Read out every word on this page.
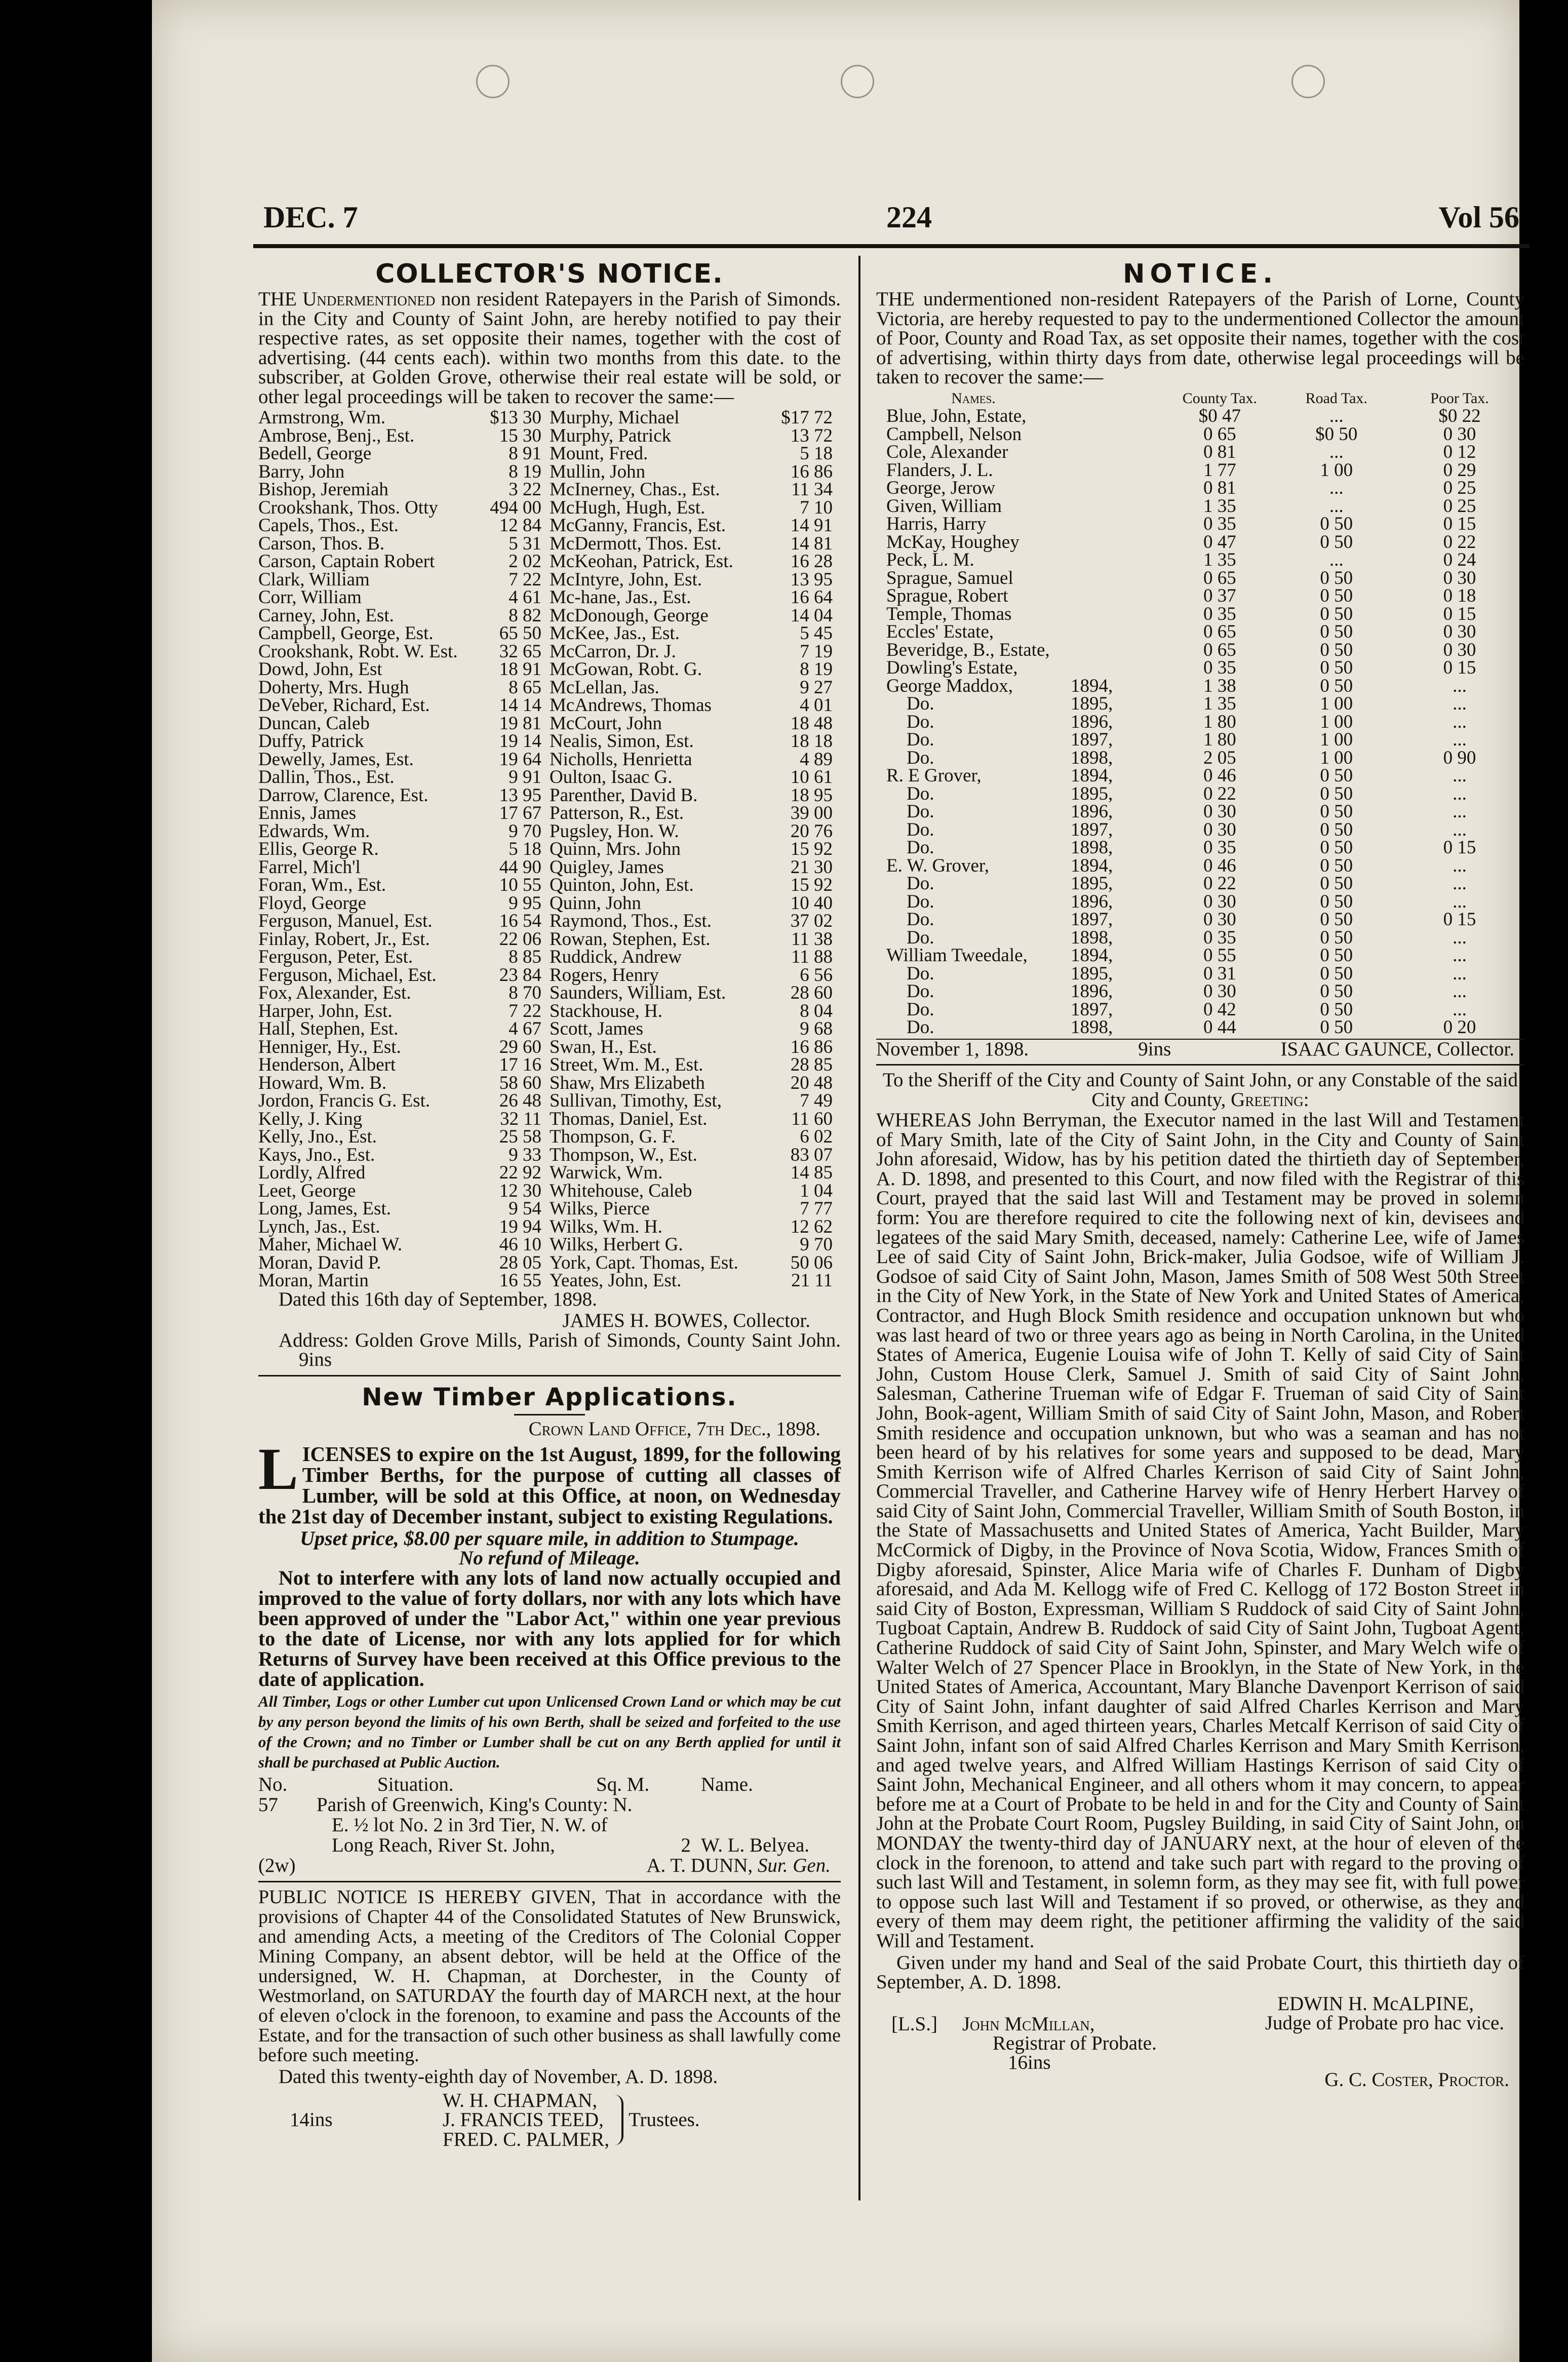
DEC. 7	224	Vol 56
COLLECTOR'S NOTICE.

THE Undermentioned non resident Ratepayers in the Parish of Simonds. in the City and County of Saint John, are hereby notified to pay their respective rates, as set opposite their names, together with the cost of advertising. (44 cents each). within two months from this date. to the subscriber, at Golden Grove, otherwise their real estate will be sold, or other legal proceedings will be taken to recover the same:—

Armstrong, Wm.	$13 30	Murphy, Michael	$17 72
Ambrose, Benj., Est.	15 30	Murphy, Patrick	13 72
Bedell, George	8 91	Mount, Fred.	5 18
Barry, John	8 19	Mullin, John	16 86
Bishop, Jeremiah	3 22	McInerney, Chas., Est.	11 34
Crookshank, Thos. Otty	494 00	McHugh, Hugh, Est.	7 10
Capels, Thos., Est.	12 84	McGanny, Francis, Est.	14 91
Carson, Thos. B.	5 31	McDermott, Thos. Est.	14 81
Carson, Captain Robert	2 02	McKeohan, Patrick, Est.	16 28
Clark, William	7 22	McIntyre, John, Est.	13 95
Corr, William	4 61	Mc-hane, Jas., Est.	16 64
Carney, John, Est.	8 82	McDonough, George	14 04
Campbell, George, Est.	65 50	McKee, Jas., Est.	5 45
Crookshank, Robt. W. Est.	32 65	McCarron, Dr. J.	7 19
Dowd, John, Est	18 91	McGowan, Robt. G.	8 19
Doherty, Mrs. Hugh	8 65	McLellan, Jas.	9 27
DeVeber, Richard, Est.	14 14	McAndrews, Thomas	4 01
Duncan, Caleb	19 81	McCourt, John	18 48
Duffy, Patrick	19 14	Nealis, Simon, Est.	18 18
Dewelly, James, Est.	19 64	Nicholls, Henrietta	4 89
Dallin, Thos., Est.	9 91	Oulton, Isaac G.	10 61
Darrow, Clarence, Est.	13 95	Parenther, David B.	18 95
Ennis, James	17 67	Patterson, R., Est.	39 00
Edwards, Wm.	9 70	Pugsley, Hon. W.	20 76
Ellis, George R.	5 18	Quinn, Mrs. John	15 92
Farrel, Mich'l	44 90	Quigley, James	21 30
Foran, Wm., Est.	10 55	Quinton, John, Est.	15 92
Floyd, George	9 95	Quinn, John	10 40
Ferguson, Manuel, Est.	16 54	Raymond, Thos., Est.	37 02
Finlay, Robert, Jr., Est.	22 06	Rowan, Stephen, Est.	11 38
Ferguson, Peter, Est.	8 85	Ruddick, Andrew	11 88
Ferguson, Michael, Est.	23 84	Rogers, Henry	6 56
Fox, Alexander, Est.	8 70	Saunders, William, Est.	28 60
Harper, John, Est.	7 22	Stackhouse, H.	8 04
Hall, Stephen, Est.	4 67	Scott, James	9 68
Henniger, Hy., Est.	29 60	Swan, H., Est.	16 86
Henderson, Albert	17 16	Street, Wm. M., Est.	28 85
Howard, Wm. B.	58 60	Shaw, Mrs Elizabeth	20 48
Jordon, Francis G. Est.	26 48	Sullivan, Timothy, Est,	7 49
Kelly, J. King	32 11	Thomas, Daniel, Est.	11 60
Kelly, Jno., Est.	25 58	Thompson, G. F.	6 02
Kays, Jno., Est.	9 33	Thompson, W., Est.	83 07
Lordly, Alfred	22 92	Warwick, Wm.	14 85
Leet, George	12 30	Whitehouse, Caleb	1 04
Long, James, Est.	9 54	Wilks, Pierce	7 77
Lynch, Jas., Est.	19 94	Wilks, Wm. H.	12 62
Maher, Michael W.	46 10	Wilks, Herbert G.	9 70
Moran, David P.	28 05	York, Capt. Thomas, Est.	50 06
Moran, Martin	16 55	Yeates, John, Est.	21 11
Dated this 16th day of September, 1898.
JAMES H. BOWES, Collector.
Address: Golden Grove Mills, Parish of Simonds, County Saint John. 9ins
New Timber Applications.
Crown Land Office, 7th Dec., 1898.

LICENSES to expire on the 1st August, 1899, for the following Timber Berths, for the purpose of cutting all classes of Lumber, will be sold at this Office, at noon, on Wednesday the 21st day of December instant, subject to existing Regulations.

Upset price, $8.00 per square mile, in addition to Stumpage.
No refund of Mileage.

Not to interfere with any lots of land now actually occupied and improved to the value of forty dollars, nor with any lots which have been approved of under the "Labor Act," within one year previous to the date of License, nor with any lots applied for for which Returns of Survey have been received at this Office previous to the date of application.

All Timber, Logs or other Lumber cut upon Unlicensed Crown Land or which may be cut by any person beyond the limits of his own Berth, shall be seized and forfeited to the use of the Crown; and no Timber or Lumber shall be cut on any Berth applied for until it shall be purchased at Public Auction.

No.	Situation.	Sq. M.	Name.
57	Parish of Greenwich, King's County: N.		
	E. ½ lot No. 2 in 3rd Tier, N. W. of		
	Long Reach, River St. John,	2	W. L. Belyea.
(2w)	A. T. DUNN, Sur. Gen.		

PUBLIC NOTICE IS HEREBY GIVEN, That in accordance with the provisions of Chapter 44 of the Consolidated Statutes of New Brunswick, and amending Acts, a meeting of the Creditors of The Colonial Copper Mining Company, an absent debtor, will be held at the Office of the undersigned, W. H. Chapman, at Dorchester, in the County of Westmorland, on SATURDAY the fourth day of MARCH next, at the hour of eleven o'clock in the forenoon, to examine and pass the Accounts of the Estate, and for the transaction of such other business as shall lawfully come before such meeting.

Dated this twenty-eighth day of November, A. D. 1898.
14ins	
W. H. CHAPMAN,
J. FRANCIS TEED,
FRED. C. PALMER,
		Trustees.
NOTICE.

THE undermentioned non-resident Ratepayers of the Parish of Lorne, County Victoria, are hereby requested to pay to the undermentioned Collector the amount of Poor, County and Road Tax, as set opposite their names, together with the cost of advertising, within thirty days from date, otherwise legal proceedings will be taken to recover the same:—

Names.		County Tax.	Road Tax.	Poor Tax.
Blue, John, Estate,		$0 47	...	$0 22
Campbell, Nelson		0 65	$0 50	0 30
Cole, Alexander		0 81	...	0 12
Flanders, J. L.		1 77	1 00	0 29
George, Jerow		0 81	...	0 25
Given, William		1 35	...	0 25
Harris, Harry		0 35	0 50	0 15
McKay, Houghey		0 47	0 50	0 22
Peck, L. M.		1 35	...	0 24
Sprague, Samuel		0 65	0 50	0 30
Sprague, Robert		0 37	0 50	0 18
Temple, Thomas		0 35	0 50	0 15
Eccles' Estate,		0 65	0 50	0 30
Beveridge, B., Estate,		0 65	0 50	0 30
Dowling's Estate,		0 35	0 50	0 15
George Maddox,	1894,	1 38	0 50	...
Do.	1895,	1 35	1 00	...
Do.	1896,	1 80	1 00	...
Do.	1897,	1 80	1 00	...
Do.	1898,	2 05	1 00	0 90
R. E Grover,	1894,	0 46	0 50	...
Do.	1895,	0 22	0 50	...
Do.	1896,	0 30	0 50	...
Do.	1897,	0 30	0 50	...
Do.	1898,	0 35	0 50	0 15
E. W. Grover,	1894,	0 46	0 50	...
Do.	1895,	0 22	0 50	...
Do.	1896,	0 30	0 50	...
Do.	1897,	0 30	0 50	0 15
Do.	1898,	0 35	0 50	...
William Tweedale,	1894,	0 55	0 50	...
Do.	1895,	0 31	0 50	...
Do.	1896,	0 30	0 50	...
Do.	1897,	0 42	0 50	...
Do.	1898,	0 44	0 50	0 20
November 1, 1898.	9ins	ISAAC GAUNCE, Collector.

To the Sheriff of the City and County of Saint John, or any Constable of the said City and County, Greeting:

WHEREAS John Berryman, the Executor named in the last Will and Testament of Mary Smith, late of the City of Saint John, in the City and County of Saint John aforesaid, Widow, has by his petition dated the thirtieth day of September, A. D. 1898, and presented to this Court, and now filed with the Registrar of this Court, prayed that the said last Will and Testament may be proved in solemn form: You are therefore required to cite the following next of kin, devisees and legatees of the said Mary Smith, deceased, namely: Catherine Lee, wife of James Lee of said City of Saint John, Brick-maker, Julia Godsoe, wife of William J. Godsoe of said City of Saint John, Mason, James Smith of 508 West 50th Street in the City of New York, in the State of New York and United States of America, Contractor, and Hugh Block Smith residence and occupation unknown but who was last heard of two or three years ago as being in North Carolina, in the United States of America, Eugenie Louisa wife of John T. Kelly of said City of Saint John, Custom House Clerk, Samuel J. Smith of said City of Saint John, Salesman, Catherine Trueman wife of Edgar F. Trueman of said City of Saint John, Book-agent, William Smith of said City of Saint John, Mason, and Robert Smith residence and occupation unknown, but who was a seaman and has not been heard of by his relatives for some years and supposed to be dead, Mary Smith Kerrison wife of Alfred Charles Kerrison of said City of Saint John, Commercial Traveller, and Catherine Harvey wife of Henry Herbert Harvey of said City of Saint John, Commercial Traveller, William Smith of South Boston, in the State of Massachusetts and United States of America, Yacht Builder, Mary McCormick of Digby, in the Province of Nova Scotia, Widow, Frances Smith of Digby aforesaid, Spinster, Alice Maria wife of Charles F. Dunham of Digby aforesaid, and Ada M. Kellogg wife of Fred C. Kellogg of 172 Boston Street in said City of Boston, Expressman, William S Ruddock of said City of Saint John, Tugboat Captain, Andrew B. Ruddock of said City of Saint John, Tugboat Agent, Catherine Ruddock of said City of Saint John, Spinster, and Mary Welch wife of Walter Welch of 27 Spencer Place in Brooklyn, in the State of New York, in the United States of America, Accountant, Mary Blanche Davenport Kerrison of said City of Saint John, infant daughter of said Alfred Charles Kerrison and Mary Smith Kerrison, and aged thirteen years, Charles Metcalf Kerrison of said City of Saint John, infant son of said Alfred Charles Kerrison and Mary Smith Kerrison, and aged twelve years, and Alfred William Hastings Kerrison of said City of Saint John, Mechanical Engineer, and all others whom it may concern, to appear before me at a Court of Probate to be held in and for the City and County of Saint John at the Probate Court Room, Pugsley Building, in said City of Saint John, on MONDAY the twenty-third day of JANUARY next, at the hour of eleven of the clock in the forenoon, to attend and take such part with regard to the proving of such last Will and Testament, in solemn form, as they may see fit, with full power to oppose such last Will and Testament if so proved, or otherwise, as they and every of them may deem right, the petitioner affirming the validity of the said Will and Testament.

Given under my hand and Seal of the said Probate Court, this thirtieth day of September, A. D. 1898.

EDWIN H. McALPINE,
Judge of Probate pro hac vice.
[L.S.] John McMillan,
Registrar of Probate.
16ins
G. C. Coster, Proctor.
